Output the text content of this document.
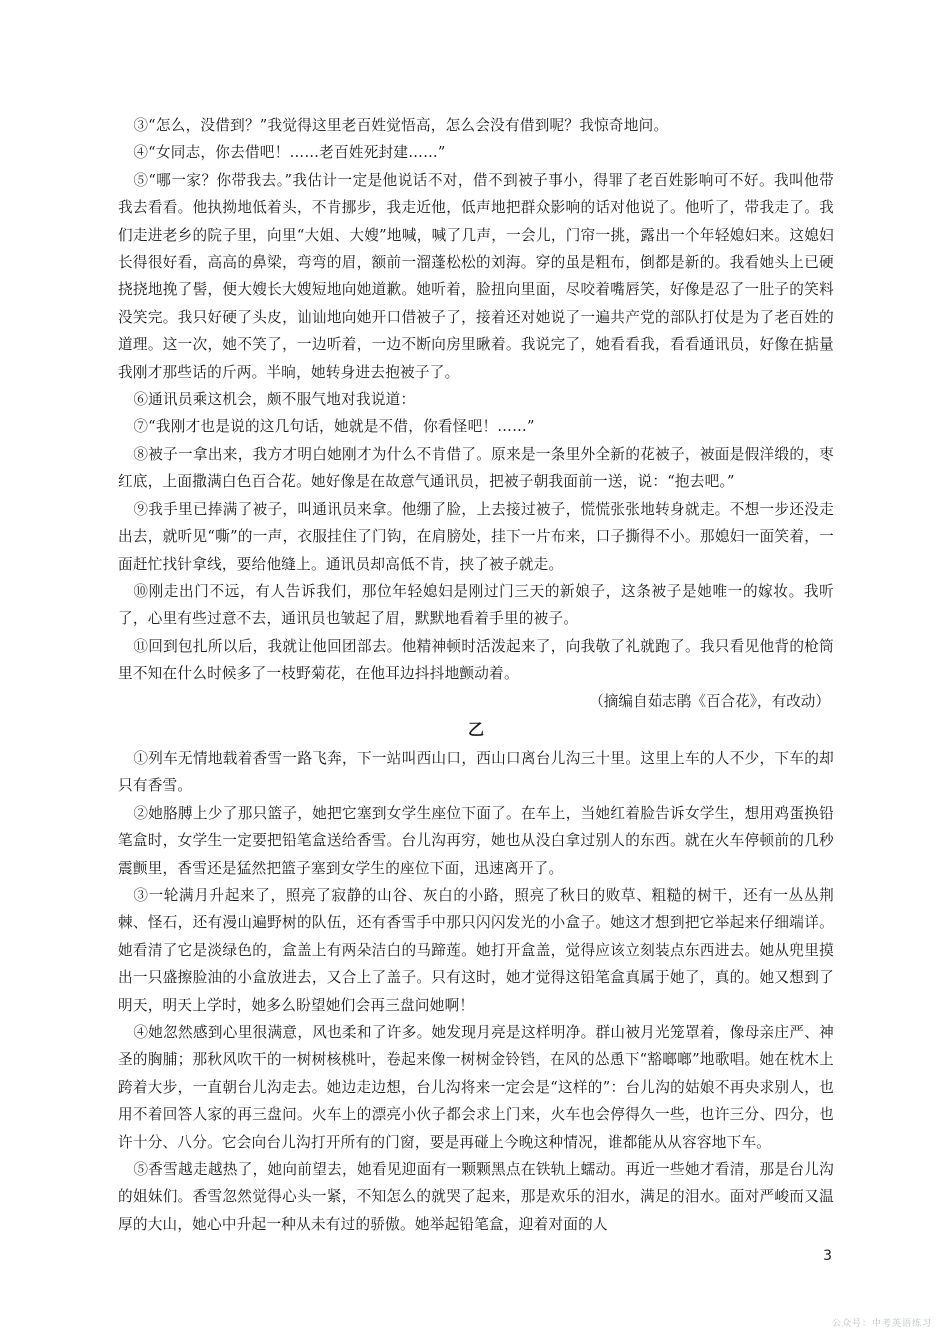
③“怎么，没借到？”我觉得这里老百姓觉悟高，怎么会没有借到呢？我惊奇地问。

④“女同志，你去借吧！……老百姓死封建……”

⑤“哪一家？你带我去。”我估计一定是他说话不对，借不到被子事小，得罪了老百姓影响可不好。我叫他带我去看看。他执拗地低着头，不肯挪步，我走近他，低声地把群众影响的话对他说了。他听了，带我走了。我们走进老乡的院子里，向里“大姐、大嫂”地喊，喊了几声，一会儿，门帘一挑，露出一个年轻媳妇来。这媳妇长得很好看，高高的鼻梁，弯弯的眉，额前一溜蓬松松的刘海。穿的虽是粗布，倒都是新的。我看她头上已硬挠挠地挽了髻，便大嫂长大嫂短地向她道歉。她听着，脸扭向里面，尽咬着嘴唇笑，好像是忍了一肚子的笑料没笑完。我只好硬了头皮，讪讪地向她开口借被子了，接着还对她说了一遍共产党的部队打仗是为了老百姓的道理。这一次，她不笑了，一边听着，一边不断向房里瞅着。我说完了，她看看我，看看通讯员，好像在掂量我刚才那些话的斤两。半晌，她转身进去抱被子了。

⑥通讯员乘这机会，颇不服气地对我说道：

⑦“我刚才也是说的这几句话，她就是不借，你看怪吧！……”

⑧被子一拿出来，我方才明白她刚才为什么不肯借了。原来是一条里外全新的花被子，被面是假洋缎的，枣红底，上面撒满白色百合花。她好像是在故意气通讯员，把被子朝我面前一送，说：“抱去吧。”

⑨我手里已捧满了被子，叫通讯员来拿。他绷了脸，上去接过被子，慌慌张张地转身就走。不想一步还没走出去，就听见“嘶”的一声，衣服挂住了门钩，在肩膀处，挂下一片布来，口子撕得不小。那媳妇一面笑着，一面赶忙找针拿线，要给他缝上。通讯员却高低不肯，挟了被子就走。

⑩刚走出门不远，有人告诉我们，那位年轻媳妇是刚过门三天的新娘子，这条被子是她唯一的嫁妆。我听了，心里有些过意不去，通讯员也皱起了眉，默默地看着手里的被子。

⑪回到包扎所以后，我就让他回团部去。他精神顿时活泼起来了，向我敬了礼就跑了。我只看见他背的枪筒里不知在什么时候多了一枝野菊花，在他耳边抖抖地颤动着。

（摘编自茹志鹃《百合花》，有改动）

乙

①列车无情地载着香雪一路飞奔，下一站叫西山口，西山口离台儿沟三十里。这里上车的人不少，下车的却只有香雪。

②她胳膊上少了那只篮子，她把它塞到女学生座位下面了。在车上，当她红着脸告诉女学生，想用鸡蛋换铅笔盒时，女学生一定要把铅笔盒送给香雪。台儿沟再穷，她也从没白拿过别人的东西。就在火车停顿前的几秒震颤里，香雪还是猛然把篮子塞到女学生的座位下面，迅速离开了。

③一轮满月升起来了，照亮了寂静的山谷、灰白的小路，照亮了秋日的败草、粗糙的树干，还有一丛丛荆棘、怪石，还有漫山遍野树的队伍，还有香雪手中那只闪闪发光的小盒子。她这才想到把它举起来仔细端详。她看清了它是淡绿色的，盒盖上有两朵洁白的马蹄莲。她打开盒盖，觉得应该立刻装点东西进去。她从兜里摸出一只盛擦脸油的小盒放进去，又合上了盖子。只有这时，她才觉得这铅笔盒真属于她了，真的。她又想到了明天，明天上学时，她多么盼望她们会再三盘问她啊！

④她忽然感到心里很满意，风也柔和了许多。她发现月亮是这样明净。群山被月光笼罩着，像母亲庄严、神圣的胸脯；那秋风吹干的一树树核桃叶，卷起来像一树树金铃铛，在风的怂恿下“豁啷啷”地歌唱。她在枕木上跨着大步，一直朝台儿沟走去。她边走边想，台儿沟将来一定会是“这样的”：台儿沟的姑娘不再央求别人，也用不着回答人家的再三盘问。火车上的漂亮小伙子都会求上门来，火车也会停得久一些，也许三分、四分，也许十分、八分。它会向台儿沟打开所有的门窗，要是再碰上今晚这种情况，谁都能从从容容地下车。

⑤香雪越走越热了，她向前望去，她看见迎面有一颗颗黑点在铁轨上蠕动。再近一些她才看清，那是台儿沟的姐妹们。香雪忽然觉得心头一紧，不知怎么的就哭了起来，那是欢乐的泪水，满足的泪水。面对严峻而又温厚的大山，她心中升起一种从未有过的骄傲。她举起铅笔盒，迎着对面的人

3
公众号：中考英语练习
